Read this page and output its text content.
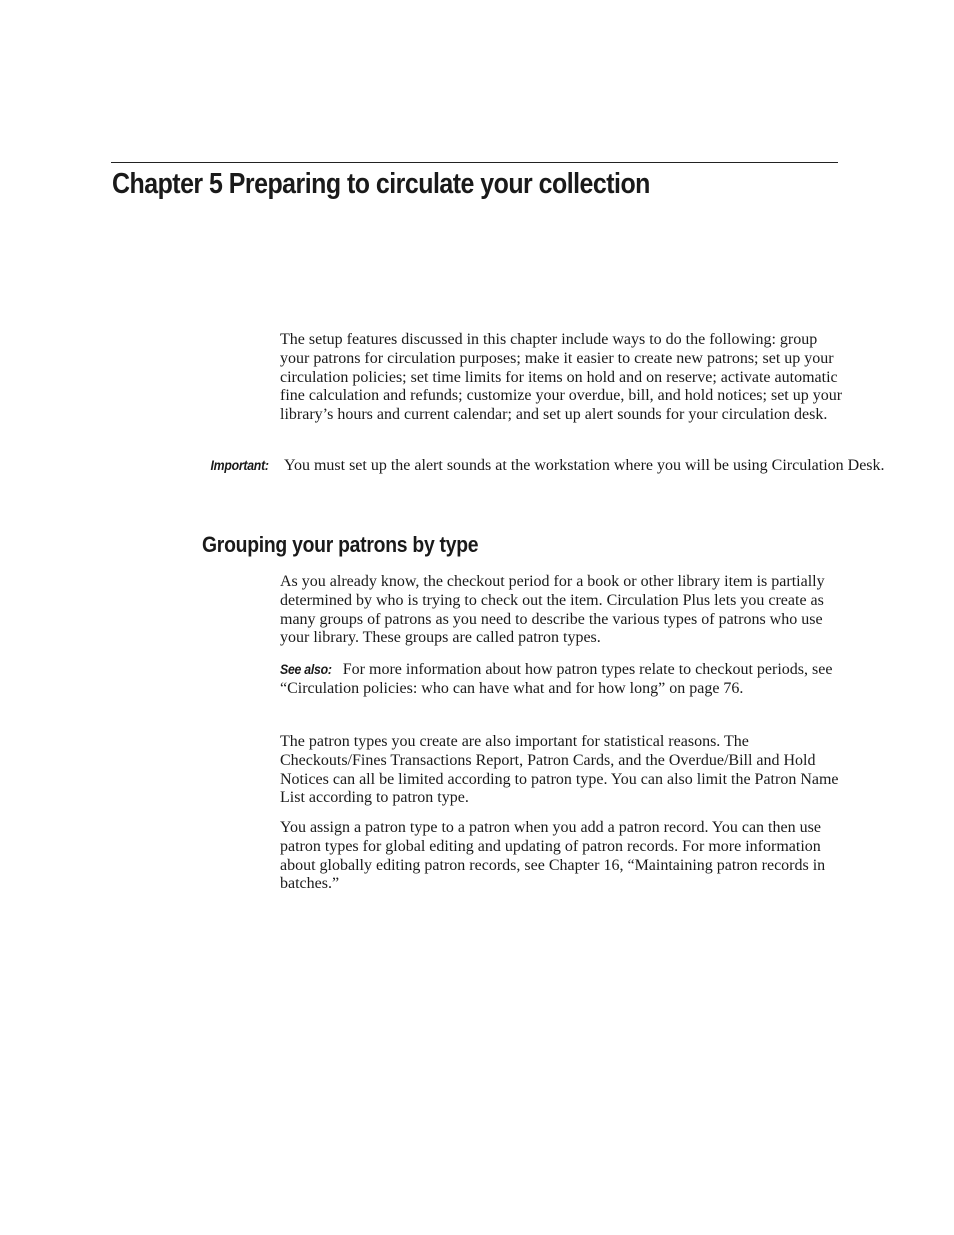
Chapter 5 Preparing to circulate your collection

The setup features discussed in this chapter include ways to do the following: group your patrons for circulation purposes; make it easier to create new patrons; set up your circulation policies; set time limits for items on hold and on reserve; activate automatic fine calculation and refunds; customize your overdue, bill, and hold notices; set up your library’s hours and current calendar; and set up alert sounds for your circulation desk.

Important: You must set up the alert sounds at the workstation where you will be using Circulation Desk.
Grouping your patrons by type

As you already know, the checkout period for a book or other library item is partially determined by who is trying to check out the item. Circulation Plus lets you create as many groups of patrons as you need to describe the various types of patrons who use your library. These groups are called patron types.

See also: For more information about how patron types relate to checkout periods, see “Circulation policies: who can have what and for how long” on page 76.

The patron types you create are also important for statistical reasons. The Checkouts/Fines Transactions Report, Patron Cards, and the Overdue/Bill and Hold Notices can all be limited according to patron type. You can also limit the Patron Name List according to patron type.

You assign a patron type to a patron when you add a patron record. You can then use patron types for global editing and updating of patron records. For more information about globally editing patron records, see Chapter 16, “Maintaining patron records in batches.”
